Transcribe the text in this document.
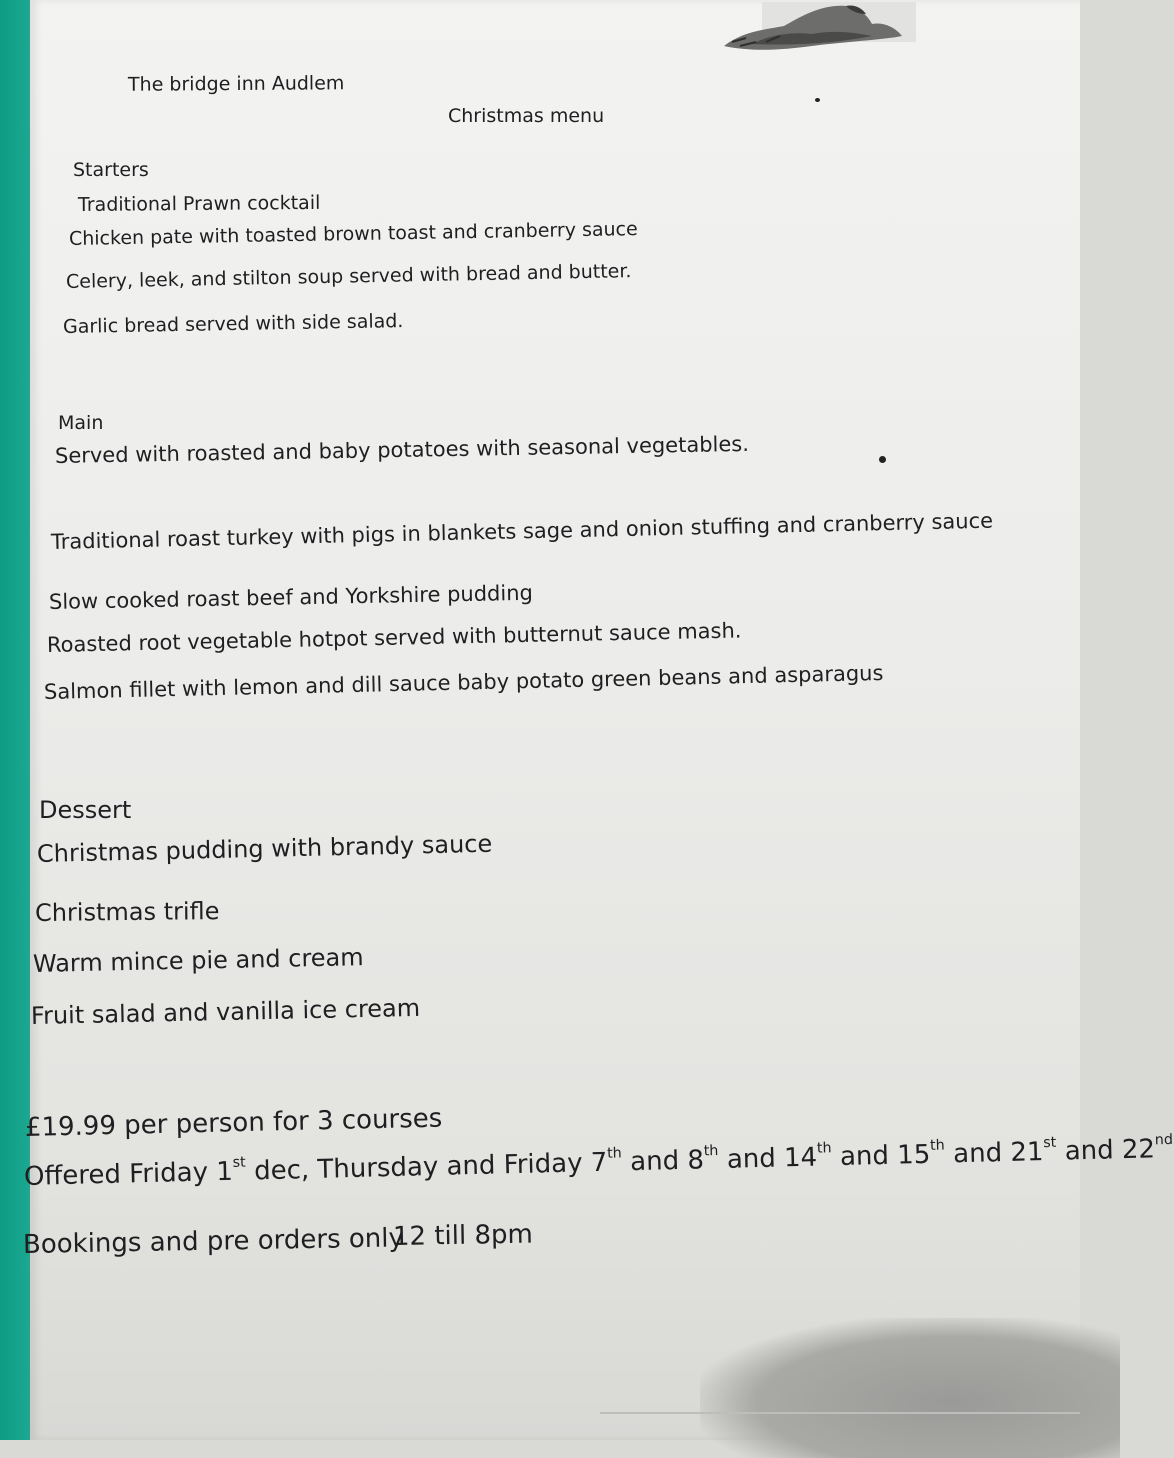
The bridge inn Audlem
Christmas menu
Starters
Traditional Prawn cocktail
Chicken pate with toasted brown toast and cranberry sauce
Celery, leek, and stilton soup served with bread and butter.
Garlic bread served with side salad.
Main
Served with roasted and baby potatoes with seasonal vegetables.
Traditional roast turkey with pigs in blankets sage and onion stuffing and cranberry sauce
Slow cooked roast beef and Yorkshire pudding
Roasted root vegetable hotpot served with butternut sauce mash.
Salmon fillet with lemon and dill sauce baby potato green beans and asparagus
Dessert
Christmas pudding with brandy sauce
Christmas trifle
Warm mince pie and cream
Fruit salad and vanilla ice cream
£19.99 per person for 3 courses
Offered Friday 1st dec, Thursday and Friday 7th and 8th and 14th and 15th and 21st and 22nd
Bookings and pre orders only
12 till 8pm
